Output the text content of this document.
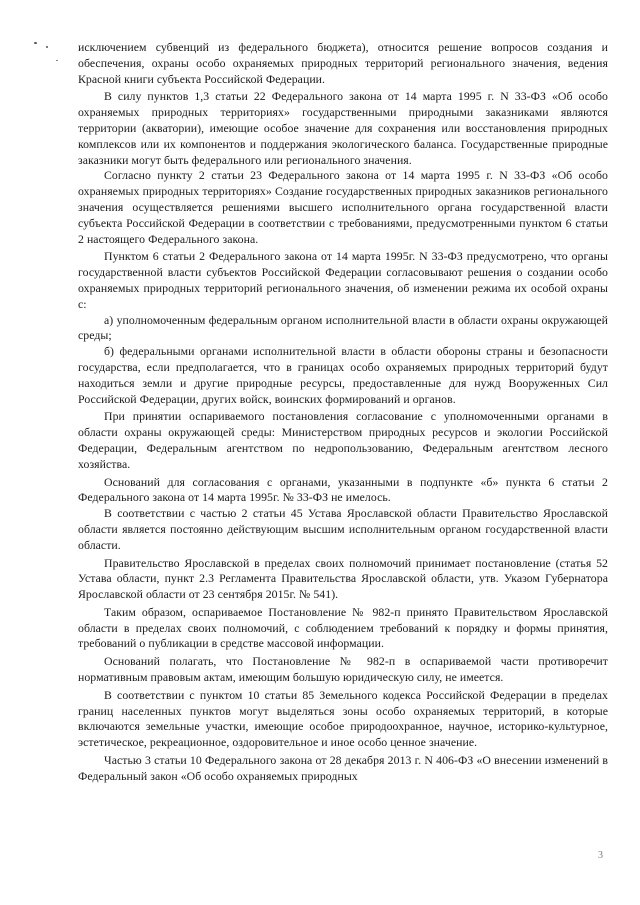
исключением субвенций из федерального бюджета), относится решение вопросов создания и обеспечения, охраны особо охраняемых природных территорий регионального значения, ведения Красной книги субъекта Российской Федерации.

В силу пунктов 1,3 статьи 22 Федерального закона от 14 марта 1995 г. N 33-ФЗ «Об особо охраняемых природных территориях» государственными природными заказниками являются территории (акватории), имеющие особое значение для сохранения или восстановления природных комплексов или их компонентов и поддержания экологического баланса. Государственные природные заказники могут быть федерального или регионального значения.

Согласно пункту 2 статьи 23 Федерального закона от 14 марта 1995 г. N 33-ФЗ «Об особо охраняемых природных территориях» Создание государственных природных заказников регионального значения осуществляется решениями высшего исполнительного органа государственной власти субъекта Российской Федерации в соответствии с требованиями, предусмотренными пунктом 6 статьи 2 настоящего Федерального закона.

Пунктом 6 статьи 2 Федерального закона от 14 марта 1995г. N 33-ФЗ предусмотрено, что органы государственной власти субъектов Российской Федерации согласовывают решения о создании особо охраняемых природных территорий регионального значения, об изменении режима их особой охраны с:

а) уполномоченным федеральным органом исполнительной власти в области охраны окружающей среды;

б) федеральными органами исполнительной власти в области обороны страны и безопасности государства, если предполагается, что в границах особо охраняемых природных территорий будут находиться земли и другие природные ресурсы, предоставленные для нужд Вооруженных Сил Российской Федерации, других войск, воинских формирований и органов.

При принятии оспариваемого постановления согласование с уполномоченными органами в области охраны окружающей среды: Министерством природных ресурсов и экологии Российской Федерации, Федеральным агентством по недропользованию, Федеральным агентством лесного хозяйства.

Оснований для согласования с органами, указанными в подпункте «б» пункта 6 статьи 2 Федерального закона от 14 марта 1995г. № 33-ФЗ не имелось.

В соответствии с частью 2 статьи 45 Устава Ярославской области Правительство Ярославской области является постоянно действующим высшим исполнительным органом государственной власти области.

Правительство Ярославской в пределах своих полномочий принимает постановление (статья 52 Устава области, пункт 2.3 Регламента Правительства Ярославской области, утв. Указом Губернатора Ярославской области от 23 сентября 2015г. № 541).

Таким образом, оспариваемое Постановление № 982-п принято Правительством Ярославской области в пределах своих полномочий, с соблюдением требований к порядку и формы принятия, требований о публикации в средстве массовой информации.

Оснований полагать, что Постановление № 982-п в оспариваемой части противоречит нормативным правовым актам, имеющим большую юридическую силу, не имеется.

В соответствии с пунктом 10 статьи 85 Земельного кодекса Российской Федерации в пределах границ населенных пунктов могут выделяться зоны особо охраняемых территорий, в которые включаются земельные участки, имеющие особое природоохранное, научное, историко-культурное, эстетическое, рекреационное, оздоровительное и иное особо ценное значение.

Частью 3 статьи 10 Федерального закона от 28 декабря 2013 г. N 406-ФЗ «О внесении изменений в Федеральный закон «Об особо охраняемых природных

3
